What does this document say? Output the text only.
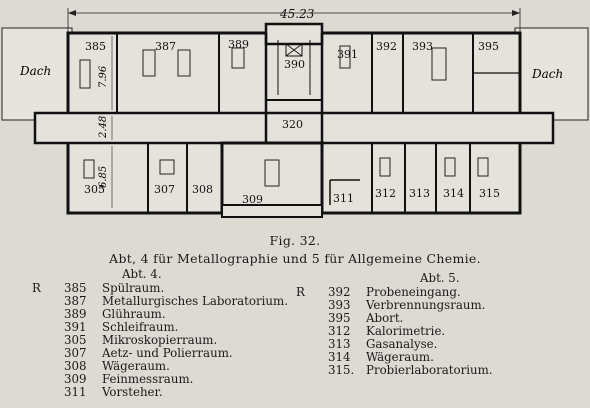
Dach	Dach
45.23
7.96
2.48
6.85
385	387	389
390
391
392 393	395
320
305	307 308
309	311 312 313 314 315
Fig. 32.
Abt, 4 für Metallographie und 5 für Allgemeine Chemie.
Abt. 4.
R 385 Spülraum.
387 Metallurgisches Laboratorium.
389 Glühraum.
391 Schleifraum.
305 Mikroskopierraum.
307 Aetz- und Polierraum.
308 Wägeraum.
309 Feinmessraum.
311 Vorsteher.
Abt. 5.
R 392 Probeneingang.
393 Verbrennungsraum.
395 Abort.
312 Kalorimetrie.
313 Gasanalyse.
314 Wägeraum.
315. Probierlaboratorium.
